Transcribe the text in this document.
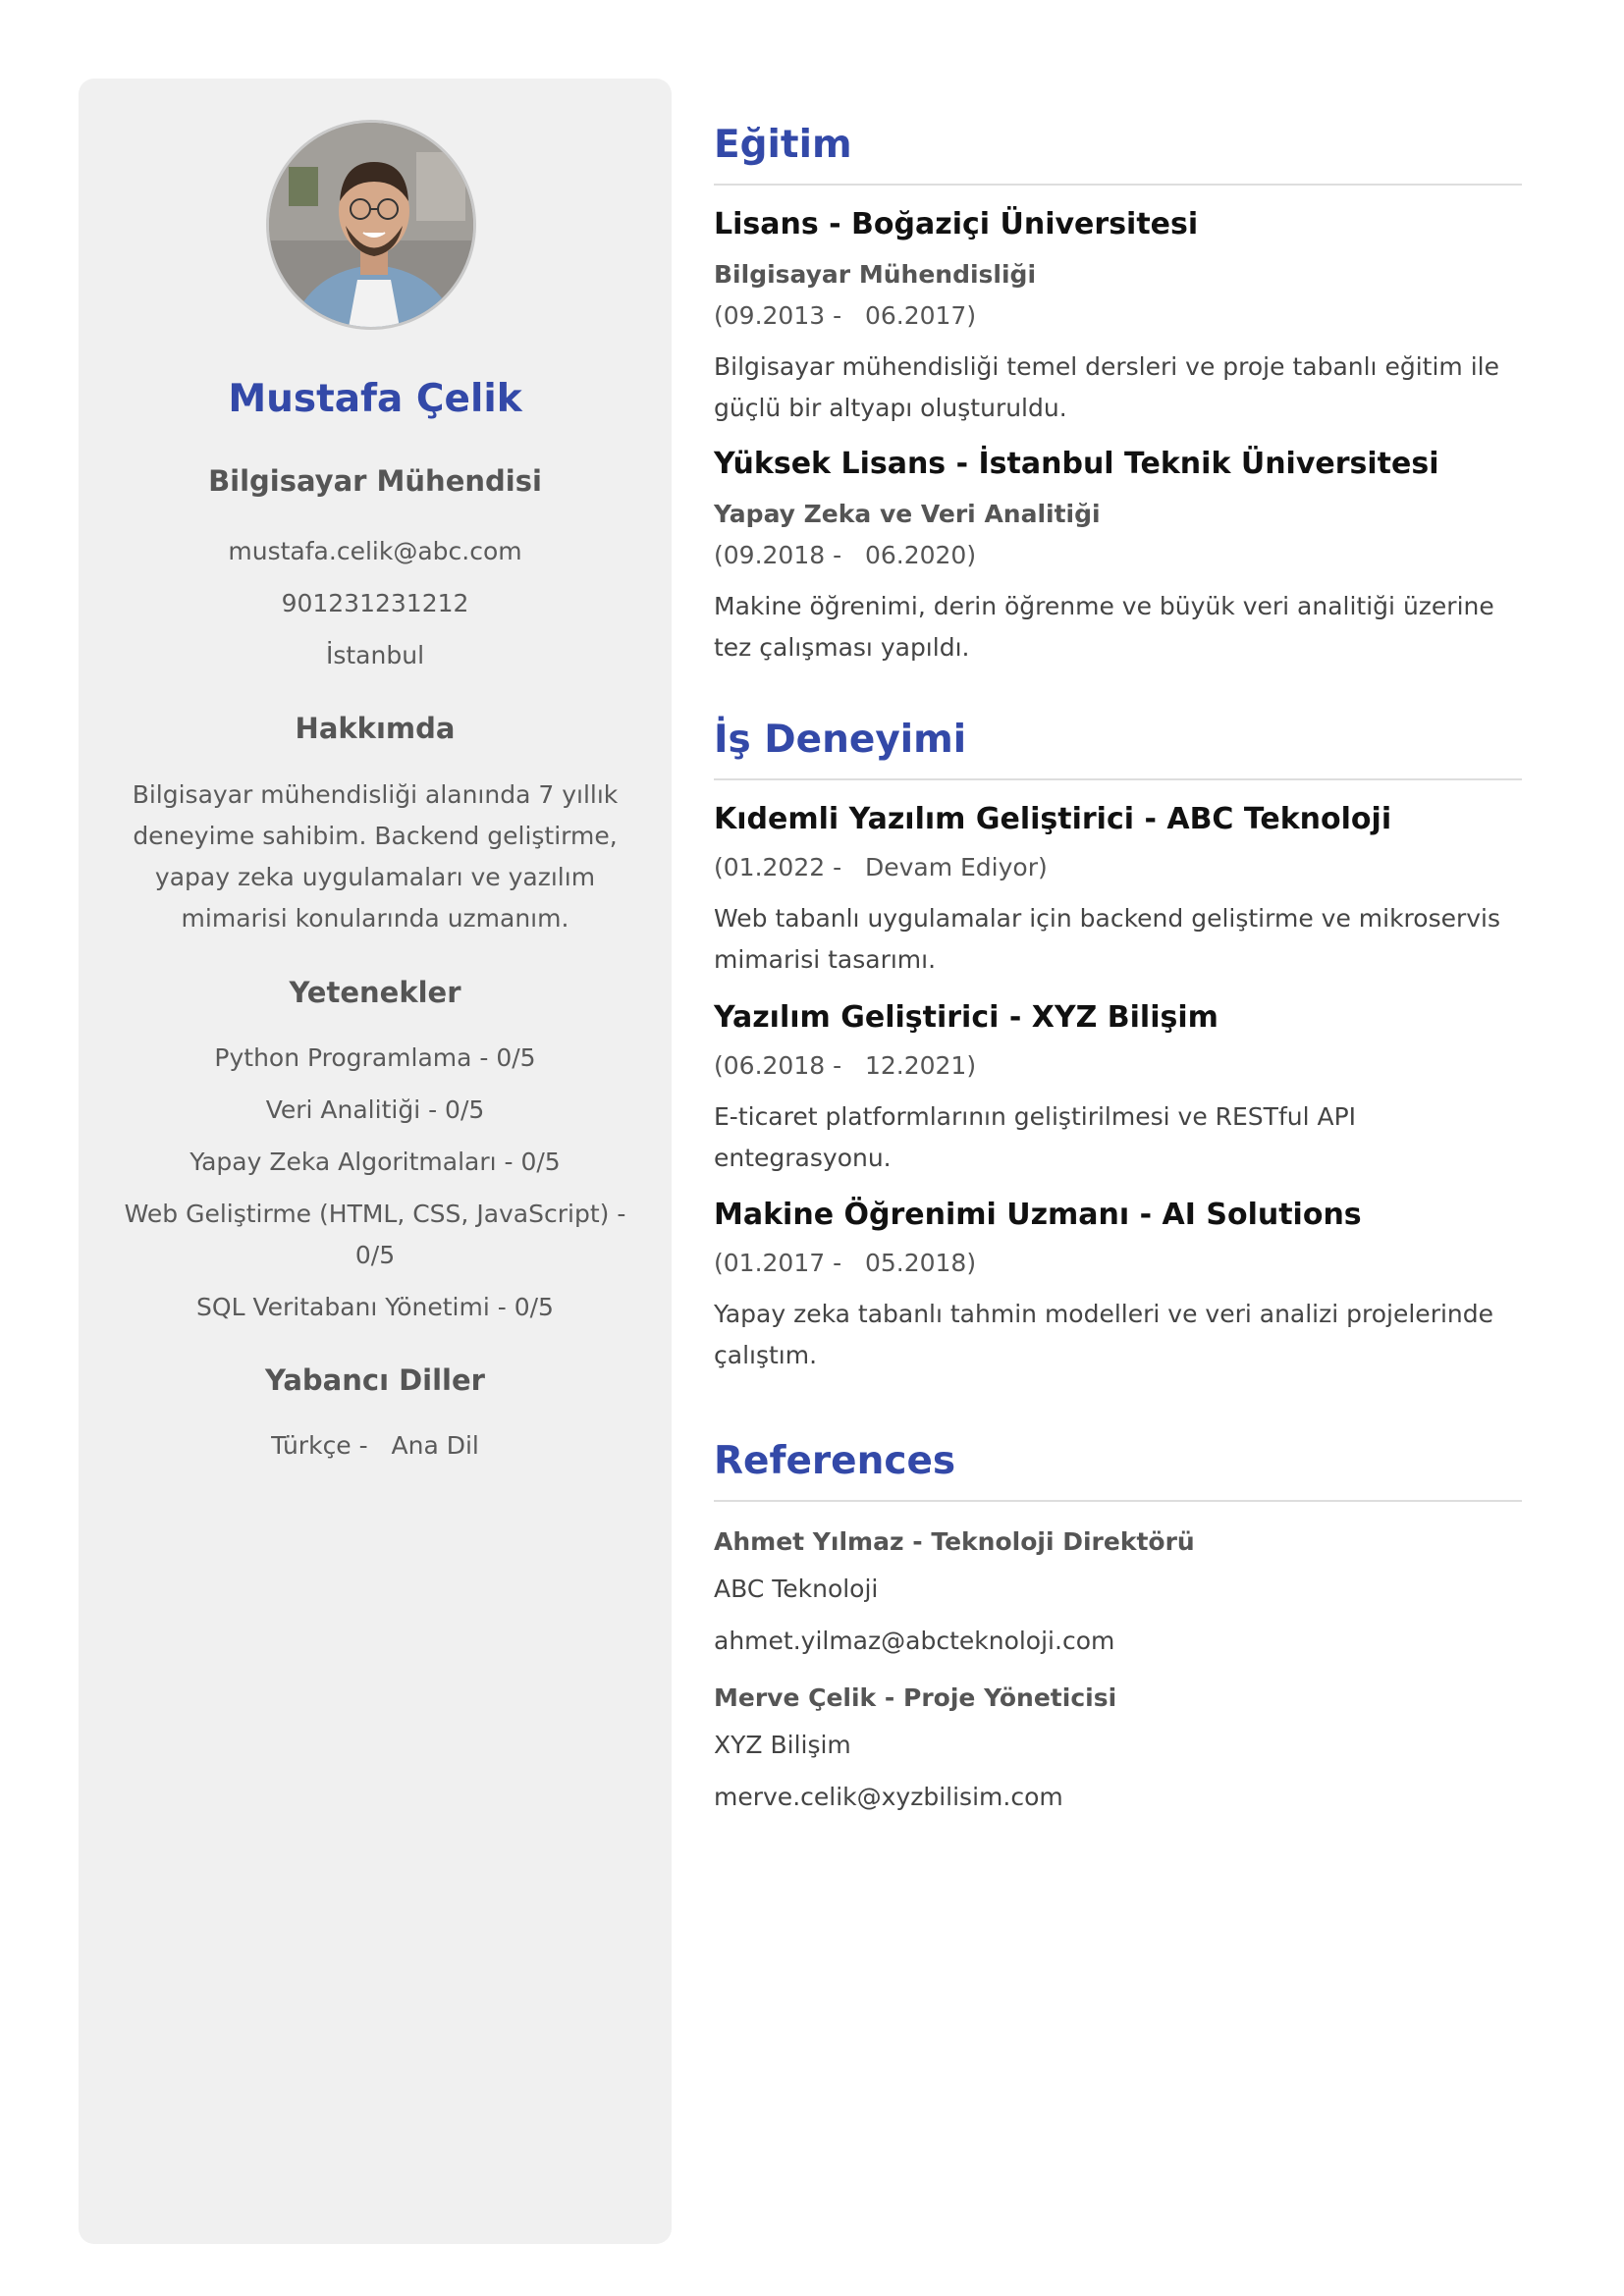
Mustafa Çelik
Bilgisayar Mühendisi
mustafa.celik@abc.com
901231231212
İstanbul
Hakkımda
Bilgisayar mühendisliği alanında 7 yıllık deneyime sahibim. Backend geliştirme, yapay zeka uygulamaları ve yazılım mimarisi konularında uzmanım.
Yetenekler
Python Programlama - 0/5
Veri Analitiği - 0/5
Yapay Zeka Algoritmaları - 0/5
Web Geliştirme (HTML, CSS, JavaScript) - 0/5
SQL Veritabanı Yönetimi - 0/5
Yabancı Diller
Türkçe -   Ana Dil
Eğitim
Lisans - Boğaziçi Üniversitesi
Bilgisayar Mühendisliği
(09.2013 -   06.2017)
Bilgisayar mühendisliği temel dersleri ve proje tabanlı eğitim ile güçlü bir altyapı oluşturuldu.
Yüksek Lisans - İstanbul Teknik Üniversitesi
Yapay Zeka ve Veri Analitiği
(09.2018 -   06.2020)
Makine öğrenimi, derin öğrenme ve büyük veri analitiği üzerine tez çalışması yapıldı.
İş Deneyimi
Kıdemli Yazılım Geliştirici - ABC Teknoloji
(01.2022 -   Devam Ediyor)
Web tabanlı uygulamalar için backend geliştirme ve mikroservis mimarisi tasarımı.
Yazılım Geliştirici - XYZ Bilişim
(06.2018 -   12.2021)
E-ticaret platformlarının geliştirilmesi ve RESTful API entegrasyonu.
Makine Öğrenimi Uzmanı - AI Solutions
(01.2017 -   05.2018)
Yapay zeka tabanlı tahmin modelleri ve veri analizi projelerinde çalıştım.
References
Ahmet Yılmaz - Teknoloji Direktörü
ABC Teknoloji
ahmet.yilmaz@abcteknoloji.com
Merve Çelik - Proje Yöneticisi
XYZ Bilişim
merve.celik@xyzbilisim.com
